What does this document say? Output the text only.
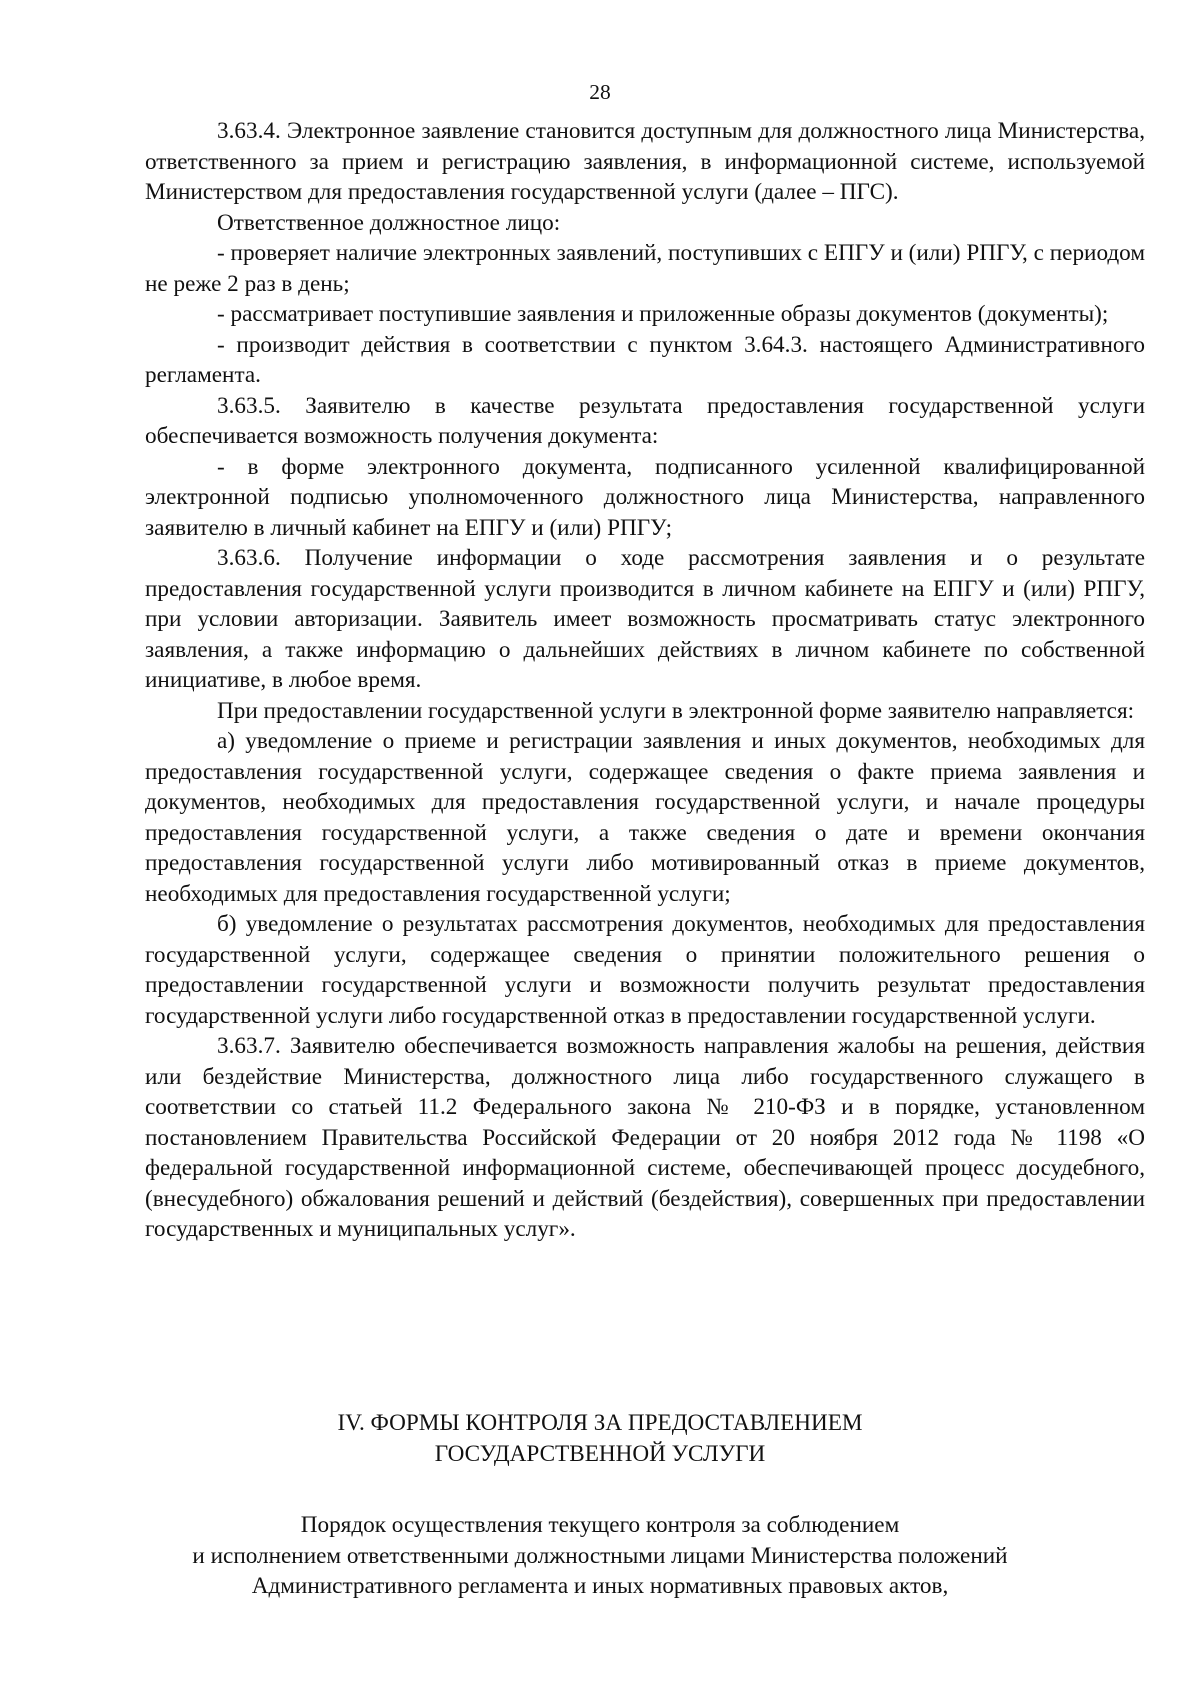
28

3.63.4. Электронное заявление становится доступным для должностного лица Министерства, ответственного за прием и регистрацию заявления, в информационной системе, используемой Министерством для предоставления государственной услуги (далее – ПГС).

Ответственное должностное лицо:

- проверяет наличие электронных заявлений, поступивших с ЕПГУ и (или) РПГУ, с периодом не реже 2 раз в день;

- рассматривает поступившие заявления и приложенные образы документов (документы);

- производит действия в соответствии с пунктом 3.64.3. настоящего Административного регламента.

3.63.5. Заявителю в качестве результата предоставления государственной услуги обеспечивается возможность получения документа:

- в форме электронного документа, подписанного усиленной квалифицированной электронной подписью уполномоченного должностного лица Министерства, направленного заявителю в личный кабинет на ЕПГУ и (или) РПГУ;

3.63.6. Получение информации о ходе рассмотрения заявления и о результате предоставления государственной услуги производится в личном кабинете на ЕПГУ и (или) РПГУ, при условии авторизации. Заявитель имеет возможность просматривать статус электронного заявления, а также информацию о дальнейших действиях в личном кабинете по собственной инициативе, в любое время.

При предоставлении государственной услуги в электронной форме заявителю направляется:

а) уведомление о приеме и регистрации заявления и иных документов, необходимых для предоставления государственной услуги, содержащее сведения о факте приема заявления и документов, необходимых для предоставления государственной услуги, и начале процедуры предоставления государственной услуги, а также сведения о дате и времени окончания предоставления государственной услуги либо мотивированный отказ в приеме документов, необходимых для предоставления государственной услуги;

б) уведомление о результатах рассмотрения документов, необходимых для предоставления государственной услуги, содержащее сведения о принятии положительного решения о предоставлении государственной услуги и возможности получить результат предоставления государственной услуги либо государственной отказ в предоставлении государственной услуги.

3.63.7. Заявителю обеспечивается возможность направления жалобы на решения, действия или бездействие Министерства, должностного лица либо государственного служащего в соответствии со статьей 11.2 Федерального закона № 210-ФЗ и в порядке, установленном постановлением Правительства Российской Федерации от 20 ноября 2012 года № 1198 «О федеральной государственной информационной системе, обеспечивающей процесс досудебного, (внесудебного) обжалования решений и действий (бездействия), совершенных при предоставлении государственных и муниципальных услуг».

IV. ФОРМЫ КОНТРОЛЯ ЗА ПРЕДОСТАВЛЕНИЕМ
ГОСУДАРСТВЕННОЙ УСЛУГИ
Порядок осуществления текущего контроля за соблюдением
и исполнением ответственными должностными лицами Министерства положений
Административного регламента и иных нормативных правовых актов,
